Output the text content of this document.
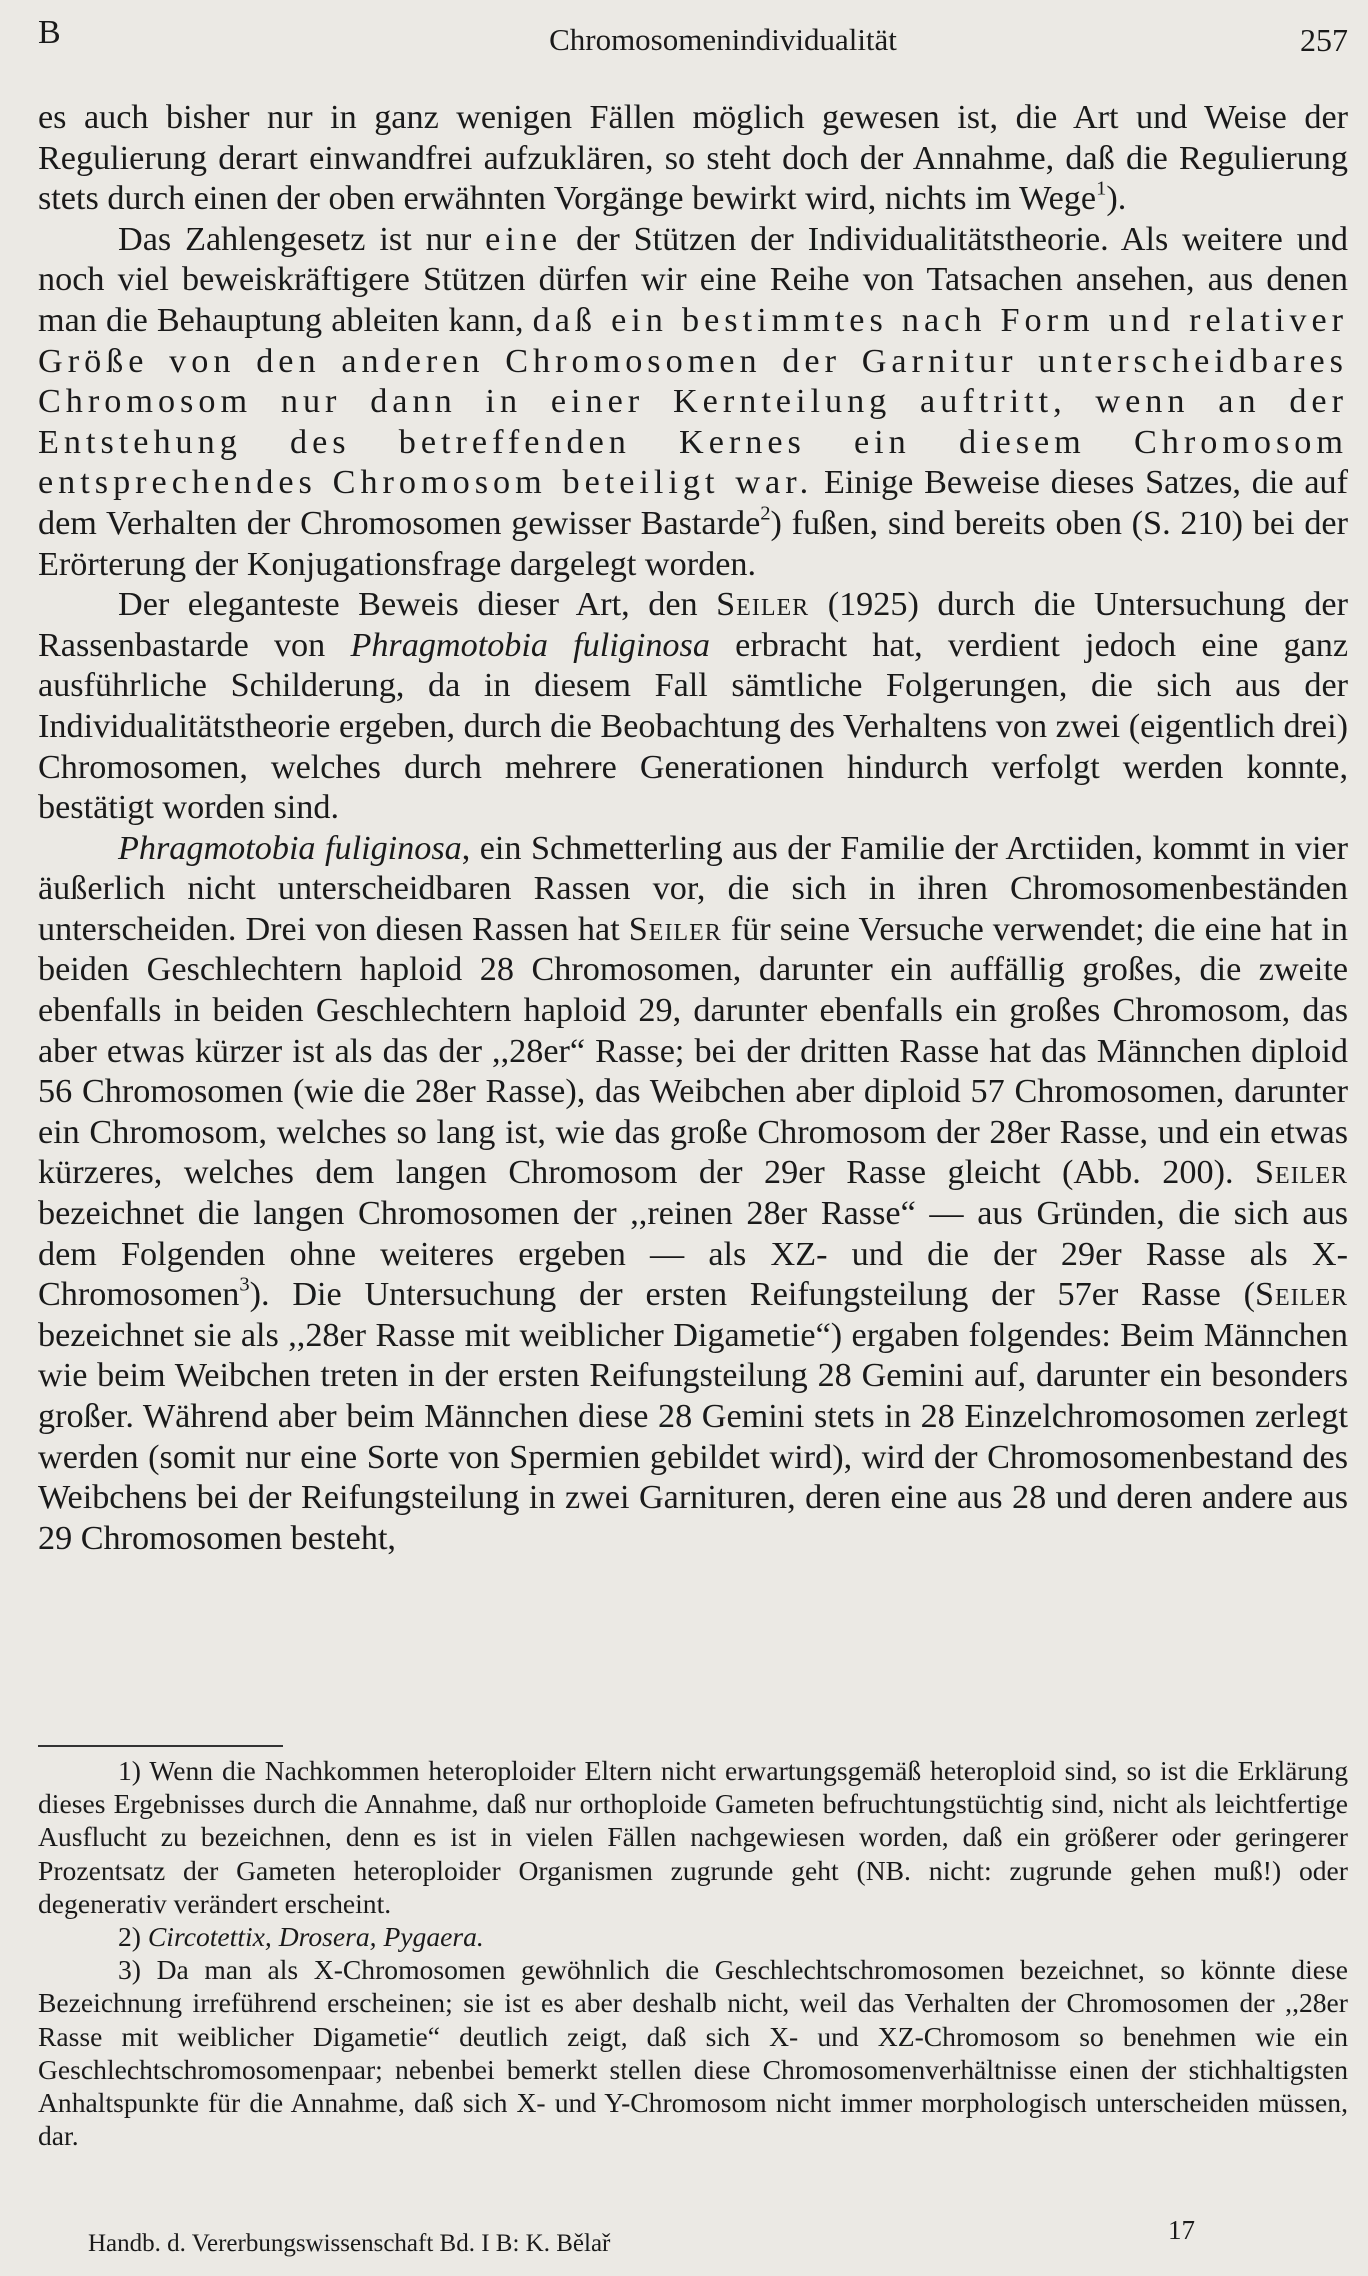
B	Chromosomenindividualität	257

es auch bisher nur in ganz wenigen Fällen möglich gewesen ist, die Art und Weise der Regulierung derart einwandfrei aufzuklären, so steht doch der Annahme, daß die Regulierung stets durch einen der oben erwähnten Vorgänge bewirkt wird, nichts im Wege$^1$).

Das Zahlengesetz ist nur eine der Stützen der Individualitätstheorie. Als weitere und noch viel beweiskräftigere Stützen dürfen wir eine Reihe von Tatsachen ansehen, aus denen man die Behauptung ableiten kann, daß ein bestimmtes nach Form und relativer Größe von den anderen Chromosomen der Garnitur unterscheidbares Chromosom nur dann in einer Kernteilung auftritt, wenn an der Entstehung des betreffenden Kernes ein diesem Chromosom entsprechendes Chromosom beteiligt war. Einige Beweise dieses Satzes, die auf dem Verhalten der Chromosomen gewisser Bastarde$^2$) fußen, sind bereits oben (S. 210) bei der Erörterung der Konjugationsfrage dargelegt worden.

Der eleganteste Beweis dieser Art, den Seiler (1925) durch die Untersuchung der Rassenbastarde von Phragmotobia fuliginosa erbracht hat, verdient jedoch eine ganz ausführliche Schilderung, da in diesem Fall sämtliche Folgerungen, die sich aus der Individualitätstheorie ergeben, durch die Beobachtung des Verhaltens von zwei (eigentlich drei) Chromosomen, welches durch mehrere Generationen hindurch verfolgt werden konnte, bestätigt worden sind.

Phragmotobia fuliginosa, ein Schmetterling aus der Familie der Arctiiden, kommt in vier äußerlich nicht unterscheidbaren Rassen vor, die sich in ihren Chromosomenbeständen unterscheiden. Drei von diesen Rassen hat Seiler für seine Versuche verwendet; die eine hat in beiden Geschlechtern haploid 28 Chromosomen, darunter ein auffällig großes, die zweite ebenfalls in beiden Geschlechtern haploid 29, darunter ebenfalls ein großes Chromosom, das aber etwas kürzer ist als das der ,,28er“ Rasse; bei der dritten Rasse hat das Männchen diploid 56 Chromosomen (wie die 28er Rasse), das Weibchen aber diploid 57 Chromosomen, darunter ein Chromosom, welches so lang ist, wie das große Chromosom der 28er Rasse, und ein etwas kürzeres, welches dem langen Chromosom der 29er Rasse gleicht (Abb. 200). Seiler bezeichnet die langen Chromosomen der ,,reinen 28er Rasse“ — aus Gründen, die sich aus dem Folgenden ohne weiteres ergeben — als XZ- und die der 29er Rasse als X-Chromosomen$^3$). Die Untersuchung der ersten Reifungsteilung der 57er Rasse (Seiler bezeichnet sie als ,,28er Rasse mit weiblicher Digametie“) ergaben folgendes: Beim Männchen wie beim Weibchen treten in der ersten Reifungsteilung 28 Gemini auf, darunter ein besonders großer. Während aber beim Männchen diese 28 Gemini stets in 28 Einzelchromosomen zerlegt werden (somit nur eine Sorte von Spermien gebildet wird), wird der Chromosomenbestand des Weibchens bei der Reifungsteilung in zwei Garnituren, deren eine aus 28 und deren andere aus 29 Chromosomen besteht,

1) Wenn die Nachkommen heteroploider Eltern nicht erwartungsgemäß heteroploid sind, so ist die Erklärung dieses Ergebnisses durch die Annahme, daß nur orthoploide Gameten befruchtungstüchtig sind, nicht als leichtfertige Ausflucht zu bezeichnen, denn es ist in vielen Fällen nachgewiesen worden, daß ein größerer oder geringerer Prozentsatz der Gameten heteroploider Organismen zugrunde geht (NB. nicht: zugrunde gehen muß!) oder degenerativ verändert erscheint.

2) Circotettix, Drosera, Pygaera.

3) Da man als X-Chromosomen gewöhnlich die Geschlechtschromosomen bezeichnet, so könnte diese Bezeichnung irreführend erscheinen; sie ist es aber deshalb nicht, weil das Verhalten der Chromosomen der ,,28er Rasse mit weiblicher Digametie“ deutlich zeigt, daß sich X- und XZ-Chromosom so benehmen wie ein Geschlechtschromosomenpaar; nebenbei bemerkt stellen diese Chromosomenverhältnisse einen der stichhaltigsten Anhaltspunkte für die Annahme, daß sich X- und Y-Chromosom nicht immer morphologisch unterscheiden müssen, dar.

Handb. d. Vererbungswissenschaft Bd. I B: K. Bělař	17
